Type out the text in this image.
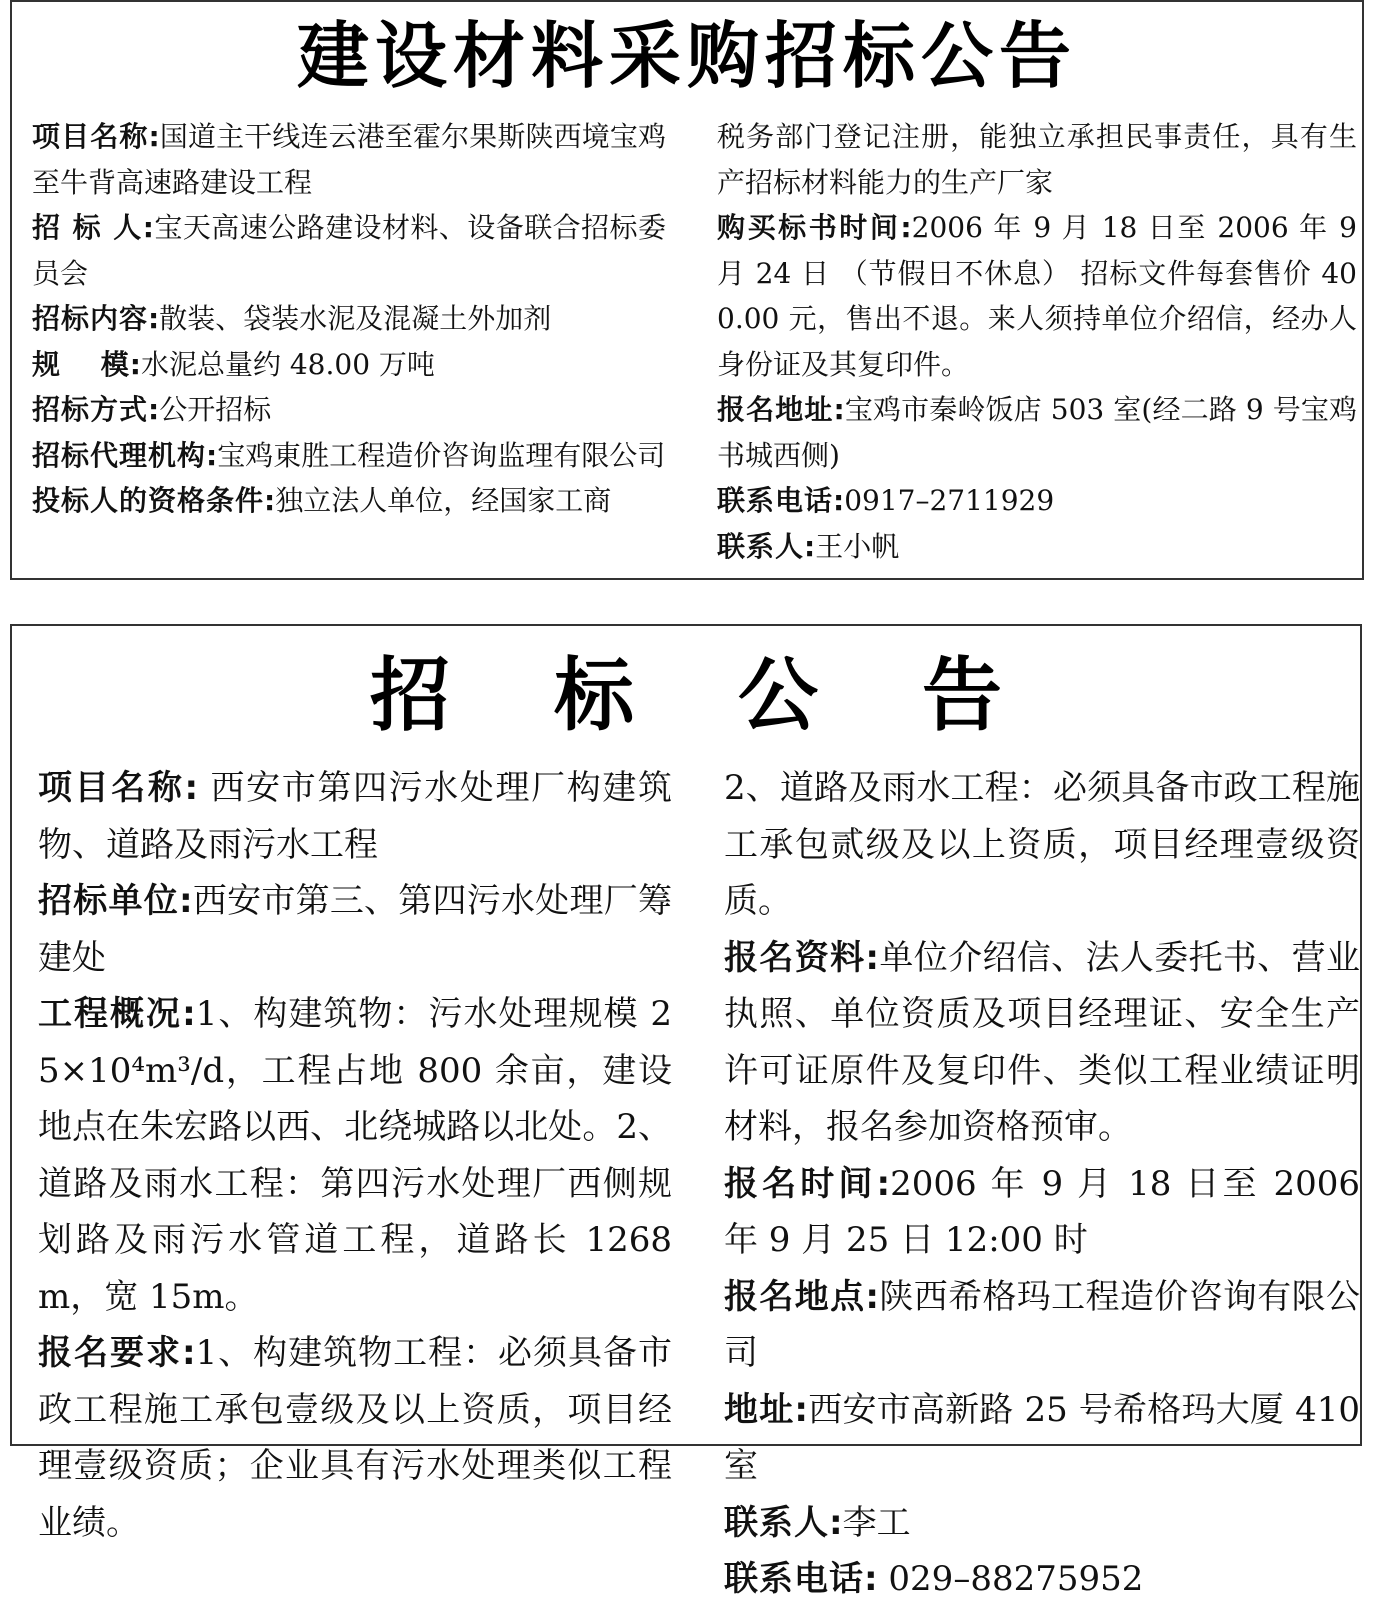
建设材料采购招标公告

项目名称:国道主干线连云港至霍尔果斯陕西境宝鸡至牛背高速路建设工程

招 标 人:宝天高速公路建设材料、设备联合招标委员会

招标内容:散装、袋装水泥及混凝土外加剂

规　 模:水泥总量约 48.00 万吨

招标方式:公开招标

招标代理机构:宝鸡東胜工程造价咨询监理有限公司

投标人的资格条件:独立法人单位，经国家工商

税务部门登记注册，能独立承担民事责任，具有生产招标材料能力的生产厂家

购买标书时间:2006 年 9 月 18 日至 2006 年 9 月 24 日 （节假日不休息） 招标文件每套售价 400.00 元，售出不退。来人须持单位介绍信，经办人身份证及其复印件。

报名地址:宝鸡市秦岭饭店 503 室(经二路 9 号宝鸡书城西侧)

联系电话:0917–2711929

联系人:王小帆

招 标 公 告

项目名称: 西安市第四污水处理厂构建筑物、道路及雨污水工程

招标单位:西安市第三、第四污水处理厂筹建处

工程概况:1、构建筑物：污水处理规模 25×10⁴m³/d，工程占地 800 余亩，建设地点在朱宏路以西、北绕城路以北处。2、道路及雨水工程：第四污水处理厂西侧规划路及雨污水管道工程，道路长 1268m，宽 15m。

报名要求:1、构建筑物工程：必须具备市政工程施工承包壹级及以上资质，项目经理壹级资质；企业具有污水处理类似工程业绩。

2、道路及雨水工程：必须具备市政工程施工承包贰级及以上资质，项目经理壹级资质。

报名资料:单位介绍信、法人委托书、营业执照、单位资质及项目经理证、安全生产许可证原件及复印件、类似工程业绩证明材料，报名参加资格预审。

报名时间:2006 年 9 月 18 日至 2006 年 9 月 25 日 12:00 时

报名地点:陕西希格玛工程造价咨询有限公司

地址:西安市高新路 25 号希格玛大厦 410 室

联系人:李工

联系电话: 029–88275952
